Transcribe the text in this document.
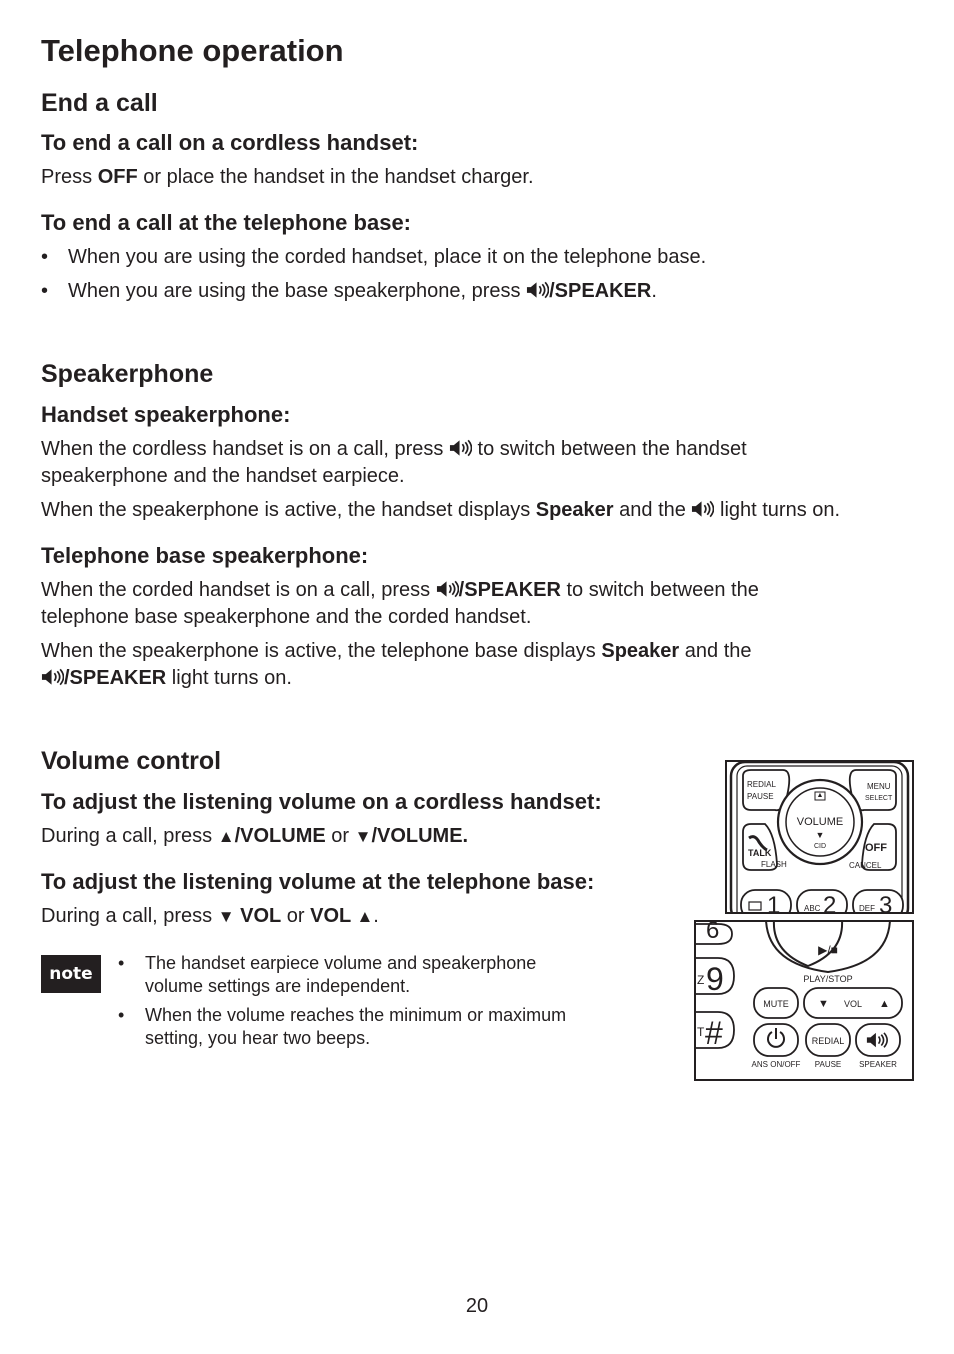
Telephone operation
End a call
To end a call on a cordless handset:

Press OFF or place the handset in the handset charger.

To end a call at the telephone base:
• When you are using the corded handset, place it on the telephone base.
• When you are using the base speakerphone, press /SPEAKER.
Speakerphone
Handset speakerphone:

When the cordless handset is on a call, press  to switch between the handset
speakerphone and the handset earpiece.

When the speakerphone is active, the handset displays Speaker and the  light turns on.

Telephone base speakerphone:

When the corded handset is on a call, press /SPEAKER to switch between the
telephone base speakerphone and the corded handset.

When the speakerphone is active, the telephone base displays Speaker and the
/SPEAKER light turns on.

Volume control
To adjust the listening volume on a cordless handset:

During a call, press ▲/VOLUME or ▼/VOLUME.

To adjust the listening volume at the telephone base:

During a call, press ▼ VOL or VOL ▲.

note
• The handset earpiece volume and speakerphone
volume settings are independent.
• When the volume reaches the minimum or maximum
setting, you hear two beeps.
REDIAL
PAUSE
MENU
SELECT
▲
VOLUME
▼
CID
TALK
FLASH
OFF
CANCEL
1	ABC 2	DEF 3
6
Z 9
T #
▶/■
PLAY/STOP
MUTE	▼ VOL ▲
ANS ON/OFF
REDIAL
PAUSE SPEAKER
20
